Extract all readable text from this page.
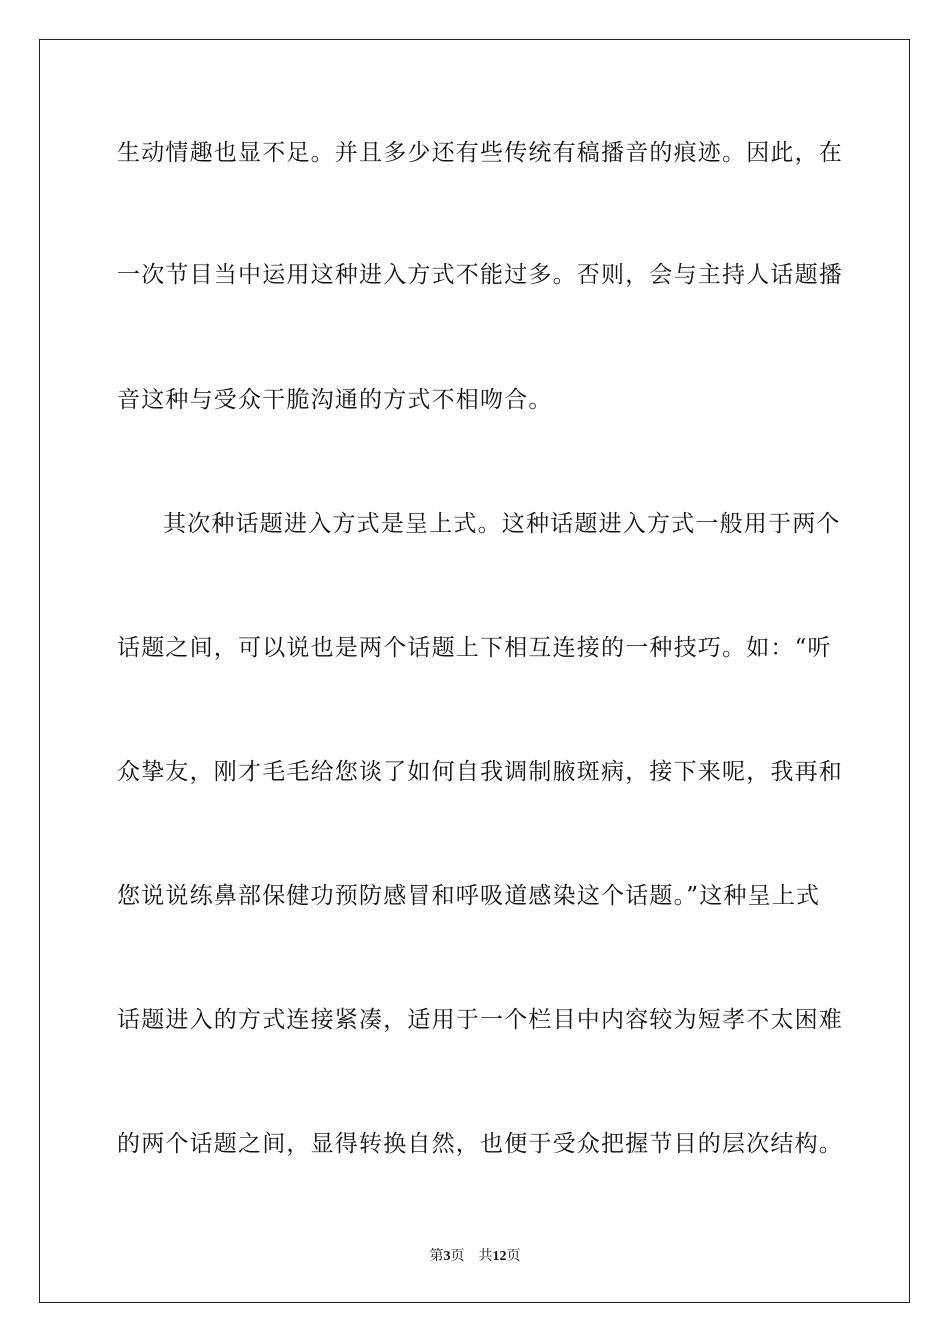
生动情趣也显不足。并且多少还有些传统有稿播音的痕迹。因此，在
一次节目当中运用这种进入方式不能过多。否则，会与主持人话题播
音这种与受众干脆沟通的方式不相吻合。
其次种话题进入方式是呈上式。这种话题进入方式一般用于两个
话题之间，可以说也是两个话题上下相互连接的一种技巧。如：“听
众挚友，刚才毛毛给您谈了如何自我调制腋斑病，接下来呢，我再和
您说说练鼻部保健功预防感冒和呼吸道感染这个话题。”这种呈上式
话题进入的方式连接紧凑，适用于一个栏目中内容较为短孝不太困难
的两个话题之间，显得转换自然，也便于受众把握节目的层次结构。
第3页 共12页
